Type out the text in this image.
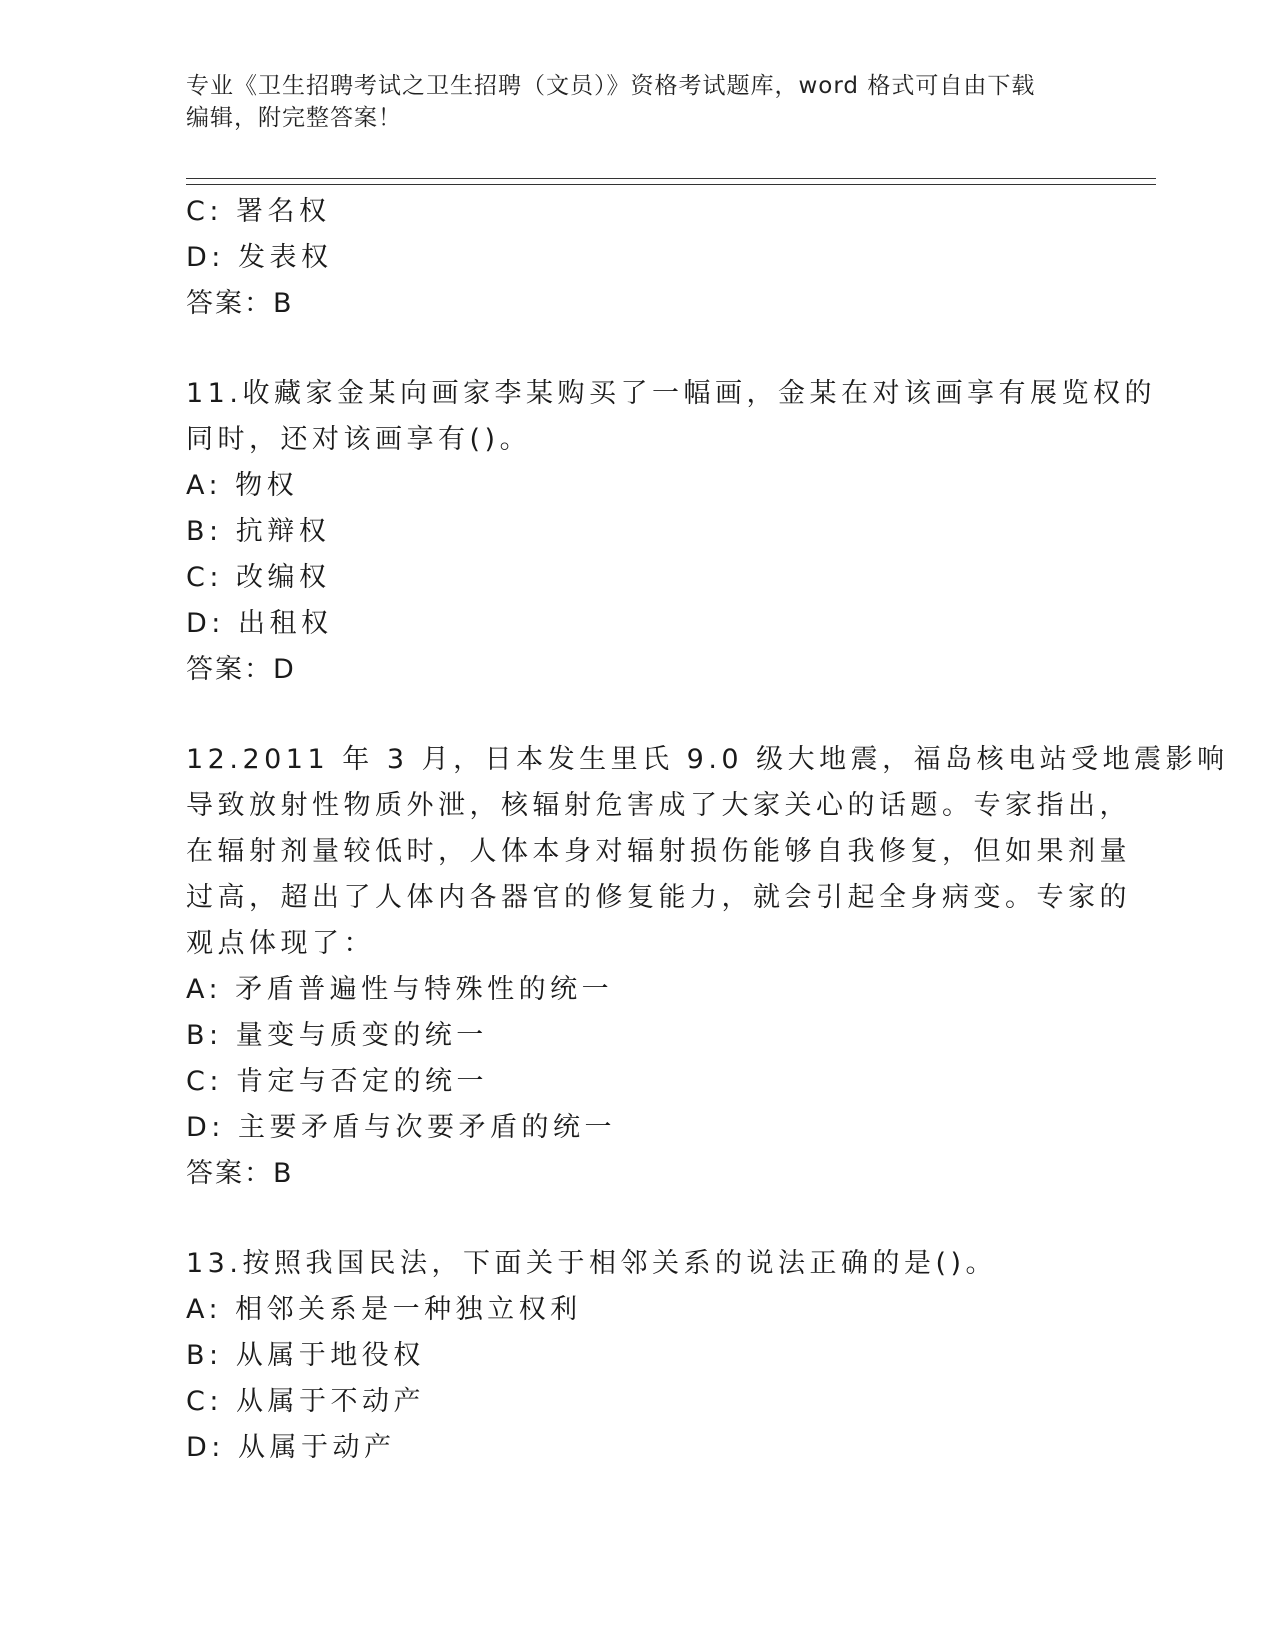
专业《卫生招聘考试之卫生招聘（文员）》资格考试题库，word 格式可自由下载
编辑，附完整答案！
C: 署名权
D: 发表权
答案：B
11.收藏家金某向画家李某购买了一幅画，金某在对该画享有展览权的
同时，还对该画享有()。
A: 物权
B: 抗辩权
C: 改编权
D: 出租权
答案：D
12.2011 年 3 月，日本发生里氏 9.0 级大地震，福岛核电站受地震影响
导致放射性物质外泄，核辐射危害成了大家关心的话题。专家指出，
在辐射剂量较低时，人体本身对辐射损伤能够自我修复，但如果剂量
过高，超出了人体内各器官的修复能力，就会引起全身病变。专家的
观点体现了：
A: 矛盾普遍性与特殊性的统一
B: 量变与质变的统一
C: 肯定与否定的统一
D: 主要矛盾与次要矛盾的统一
答案：B
13.按照我国民法，下面关于相邻关系的说法正确的是()。
A: 相邻关系是一种独立权利
B: 从属于地役权
C: 从属于不动产
D: 从属于动产
